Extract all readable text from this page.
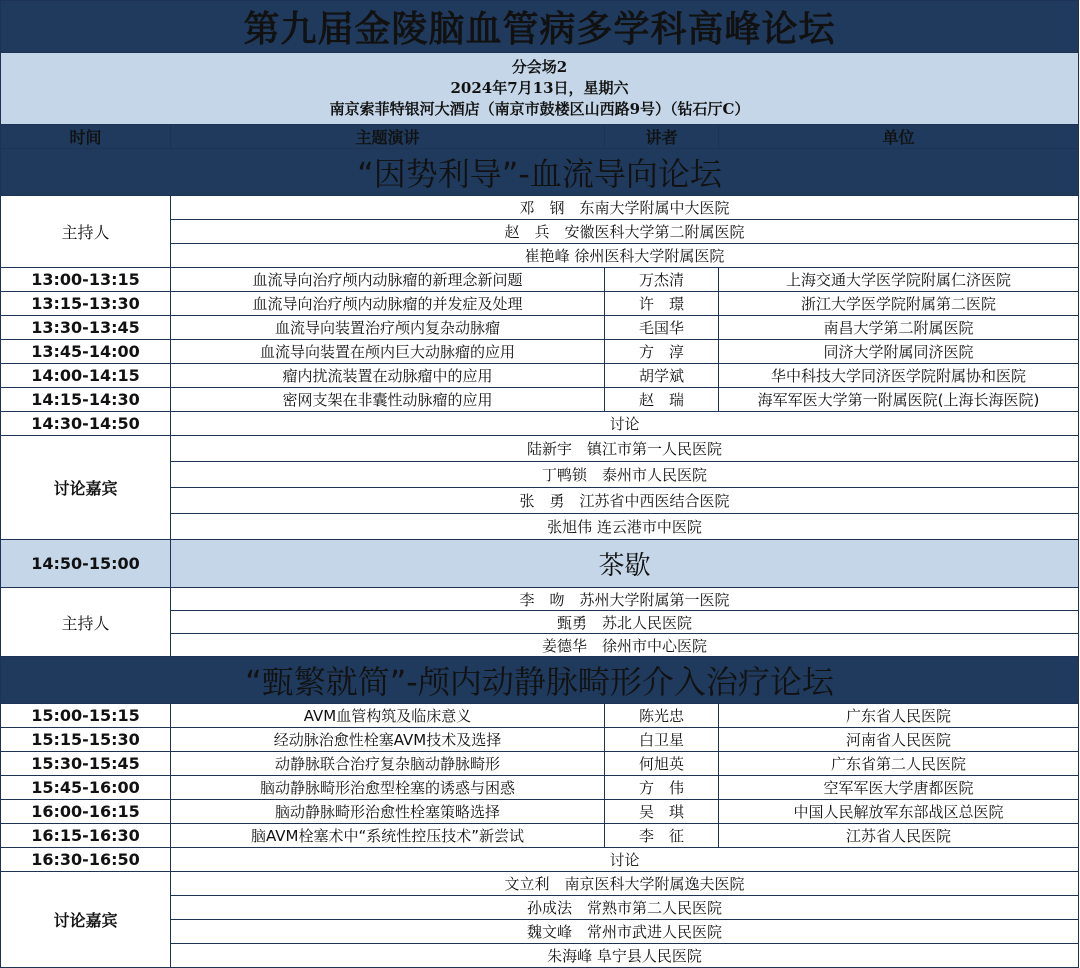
第九届金陵脑血管病多学科高峰论坛			

分会场2
2024年7月13日，星期六
南京索菲特银河大酒店（南京市鼓楼区山西路9号）（钻石厅C）			

时间	主题演讲	讲者	单位
“因势利导”-血流导向论坛			
主持人	邓　钢　东南大学附属中大医院		
	赵　兵　安徽医科大学第二附属医院		
	崔艳峰 徐州医科大学附属医院		
13:00-13:15	血流导向治疗颅内动脉瘤的新理念新问题	万杰清	上海交通大学医学院附属仁济医院
13:15-13:30	血流导向治疗颅内动脉瘤的并发症及处理	许　璟	浙江大学医学院附属第二医院
13:30-13:45	血流导向装置治疗颅内复杂动脉瘤	毛国华	南昌大学第二附属医院
13:45-14:00	血流导向装置在颅内巨大动脉瘤的应用	方　淳	同济大学附属同济医院
14:00-14:15	瘤内扰流装置在动脉瘤中的应用	胡学斌	华中科技大学同济医学院附属协和医院
14:15-14:30	密网支架在非囊性动脉瘤的应用	赵　瑞	海军军医大学第一附属医院(上海长海医院)
14:30-14:50	讨论		
讨论嘉宾	陆新宇　镇江市第一人民医院		
	丁鸭锁　泰州市人民医院		
	张　勇　江苏省中西医结合医院		
	张旭伟 连云港市中医院		
14:50-15:00	茶歇		
主持人	李　吻　苏州大学附属第一医院		
	甄勇　苏北人民医院		
	姜德华　徐州市中心医院		
“甄繁就简”-颅内动静脉畸形介入治疗论坛			
15:00-15:15	AVM血管构筑及临床意义	陈光忠	广东省人民医院
15:15-15:30	经动脉治愈性栓塞AVM技术及选择	白卫星	河南省人民医院
15:30-15:45	动静脉联合治疗复杂脑动静脉畸形	何旭英	广东省第二人民医院
15:45-16:00	脑动静脉畸形治愈型栓塞的诱惑与困惑	方　伟	空军军医大学唐都医院
16:00-16:15	脑动静脉畸形治愈性栓塞策略选择	吴　琪	中国人民解放军东部战区总医院
16:15-16:30	脑AVM栓塞术中“系统性控压技术”新尝试	李　征	江苏省人民医院
16:30-16:50	讨论		
讨论嘉宾	文立利　南京医科大学附属逸夫医院		
	孙成法　常熟市第二人民医院		
	魏文峰　常州市武进人民医院		
	朱海峰 阜宁县人民医院		
